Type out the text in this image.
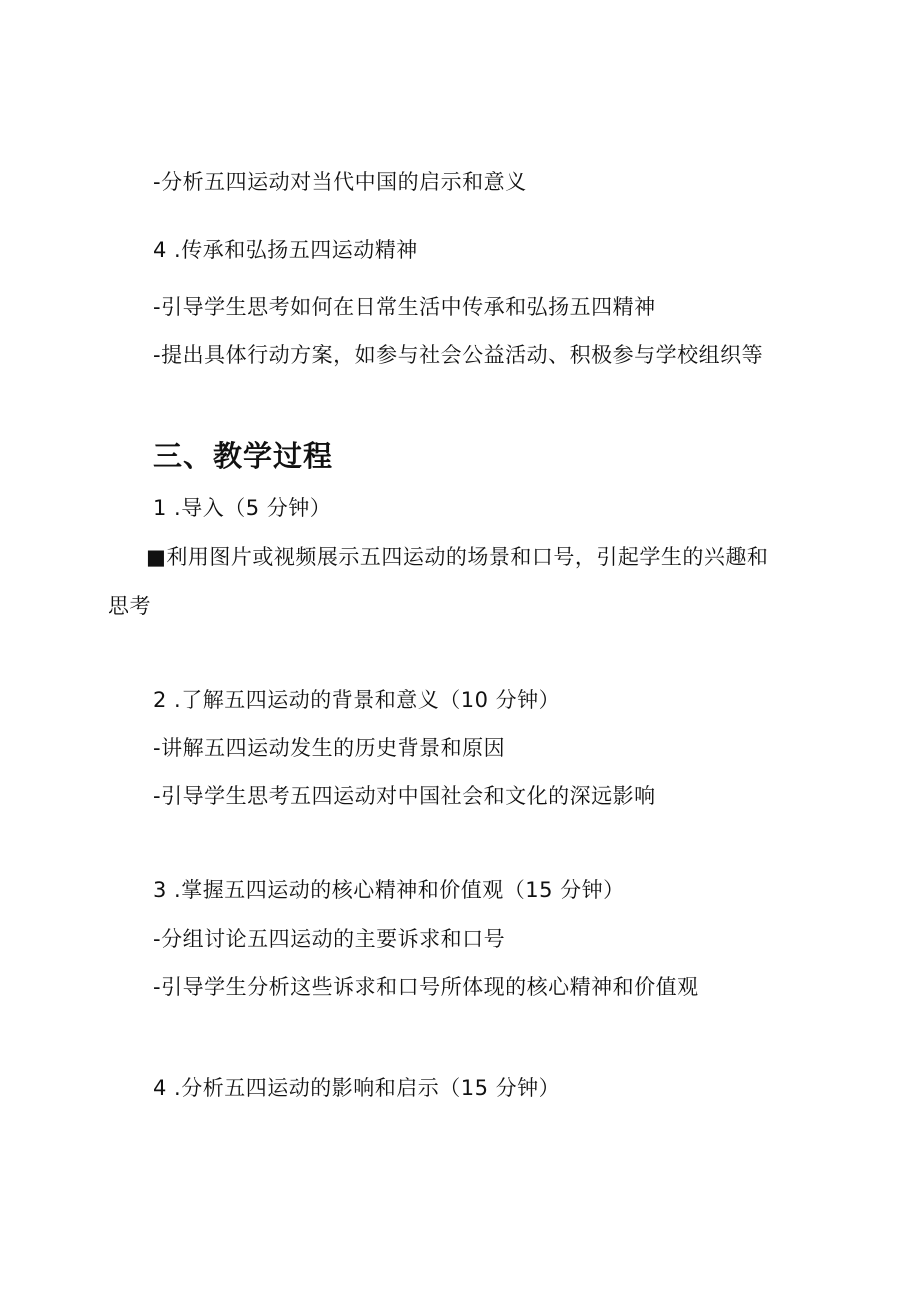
-分析五四运动对当代中国的启示和意义
4 .传承和弘扬五四运动精神
-引导学生思考如何在日常生活中传承和弘扬五四精神
-提出具体行动方案，如参与社会公益活动、积极参与学校组织等
三、教学过程
1 .导入（5 分钟）
■利用图片或视频展示五四运动的场景和口号，引起学生的兴趣和
思考
2 .了解五四运动的背景和意义（10 分钟）
-讲解五四运动发生的历史背景和原因
-引导学生思考五四运动对中国社会和文化的深远影响
3 .掌握五四运动的核心精神和价值观（15 分钟）
-分组讨论五四运动的主要诉求和口号
-引导学生分析这些诉求和口号所体现的核心精神和价值观
4 .分析五四运动的影响和启示（15 分钟）
